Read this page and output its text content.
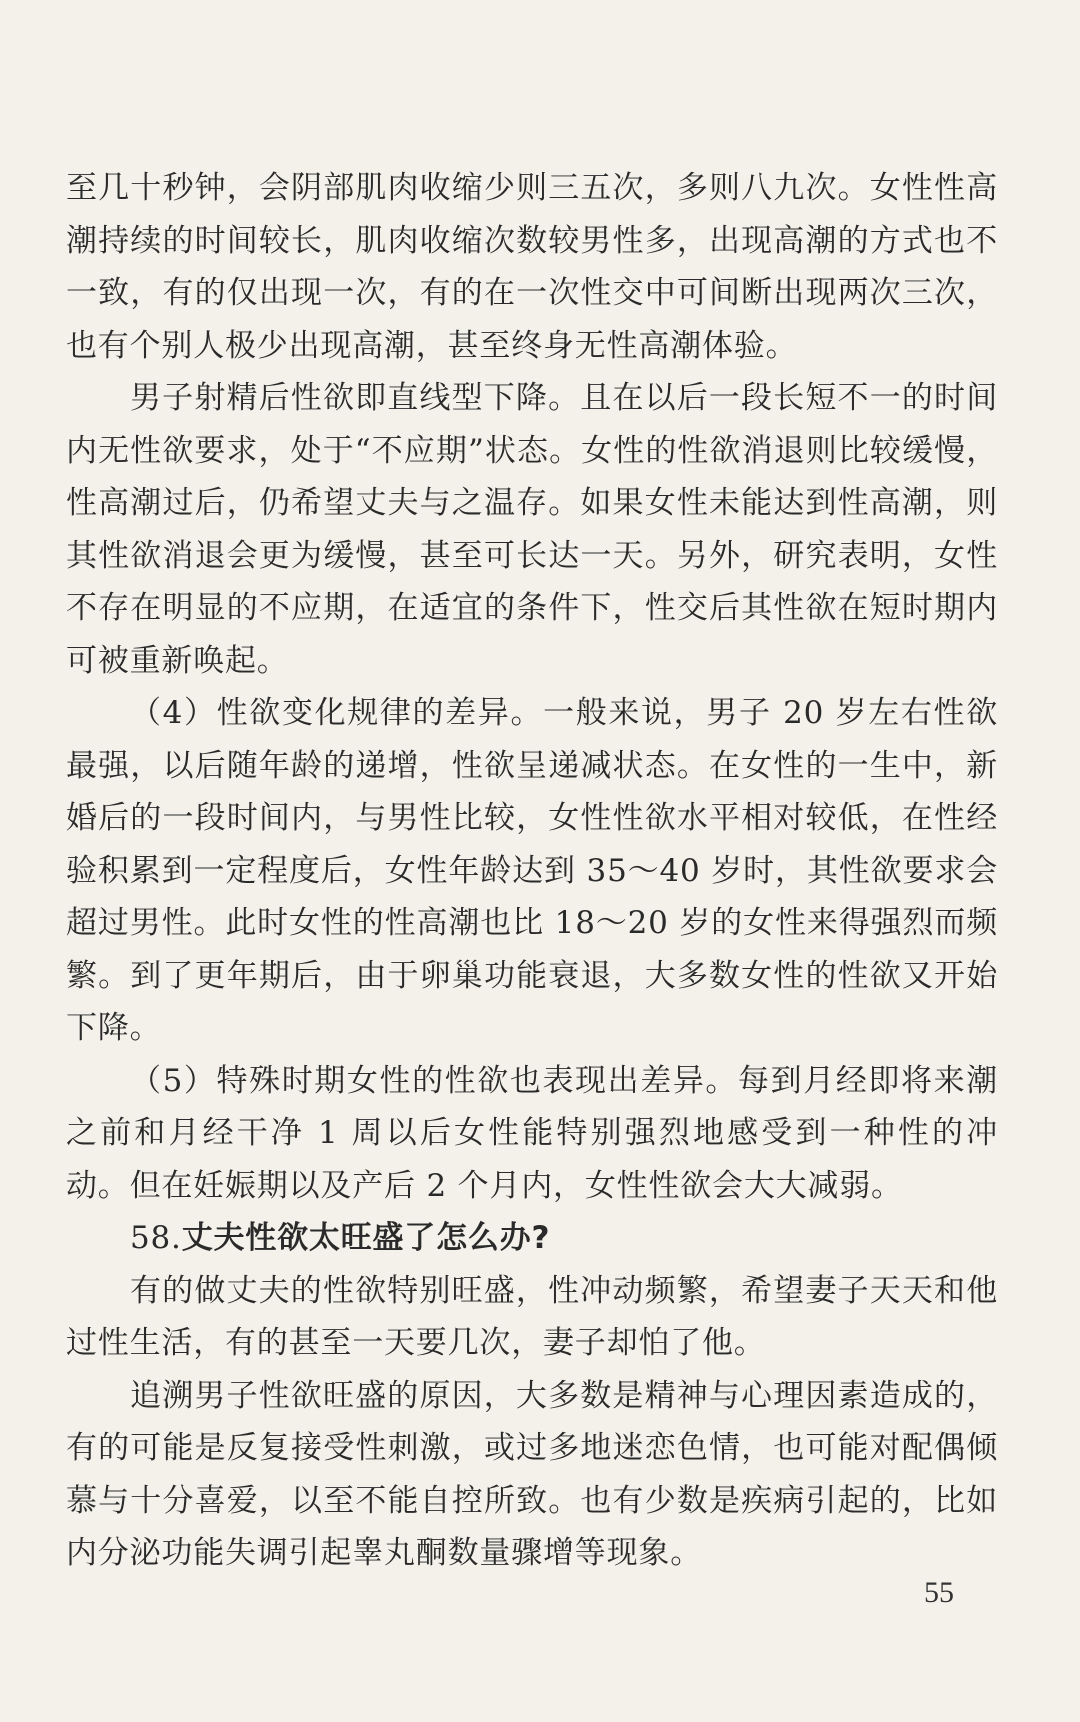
至几十秒钟，会阴部肌肉收缩少则三五次，多则八九次。女性性高潮持续的时间较长，肌肉收缩次数较男性多，出现高潮的方式也不一致，有的仅出现一次，有的在一次性交中可间断出现两次三次，也有个别人极少出现高潮，甚至终身无性高潮体验。

男子射精后性欲即直线型下降。且在以后一段长短不一的时间内无性欲要求，处于“不应期”状态。女性的性欲消退则比较缓慢，性高潮过后，仍希望丈夫与之温存。如果女性未能达到性高潮，则其性欲消退会更为缓慢，甚至可长达一天。另外，研究表明，女性不存在明显的不应期，在适宜的条件下，性交后其性欲在短时期内可被重新唤起。

（4）性欲变化规律的差异。一般来说，男子 20 岁左右性欲最强，以后随年龄的递增，性欲呈递减状态。在女性的一生中，新婚后的一段时间内，与男性比较，女性性欲水平相对较低，在性经验积累到一定程度后，女性年龄达到 35～40 岁时，其性欲要求会超过男性。此时女性的性高潮也比 18～20 岁的女性来得强烈而频繁。到了更年期后，由于卵巢功能衰退，大多数女性的性欲又开始下降。

（5）特殊时期女性的性欲也表现出差异。每到月经即将来潮之前和月经干净 1 周以后女性能特别强烈地感受到一种性的冲动。但在妊娠期以及产后 2 个月内，女性性欲会大大减弱。

58.丈夫性欲太旺盛了怎么办?

有的做丈夫的性欲特别旺盛，性冲动频繁，希望妻子天天和他过性生活，有的甚至一天要几次，妻子却怕了他。

追溯男子性欲旺盛的原因，大多数是精神与心理因素造成的，有的可能是反复接受性刺激，或过多地迷恋色情，也可能对配偶倾慕与十分喜爱，以至不能自控所致。也有少数是疾病引起的，比如内分泌功能失调引起睾丸酮数量骤增等现象。

55
